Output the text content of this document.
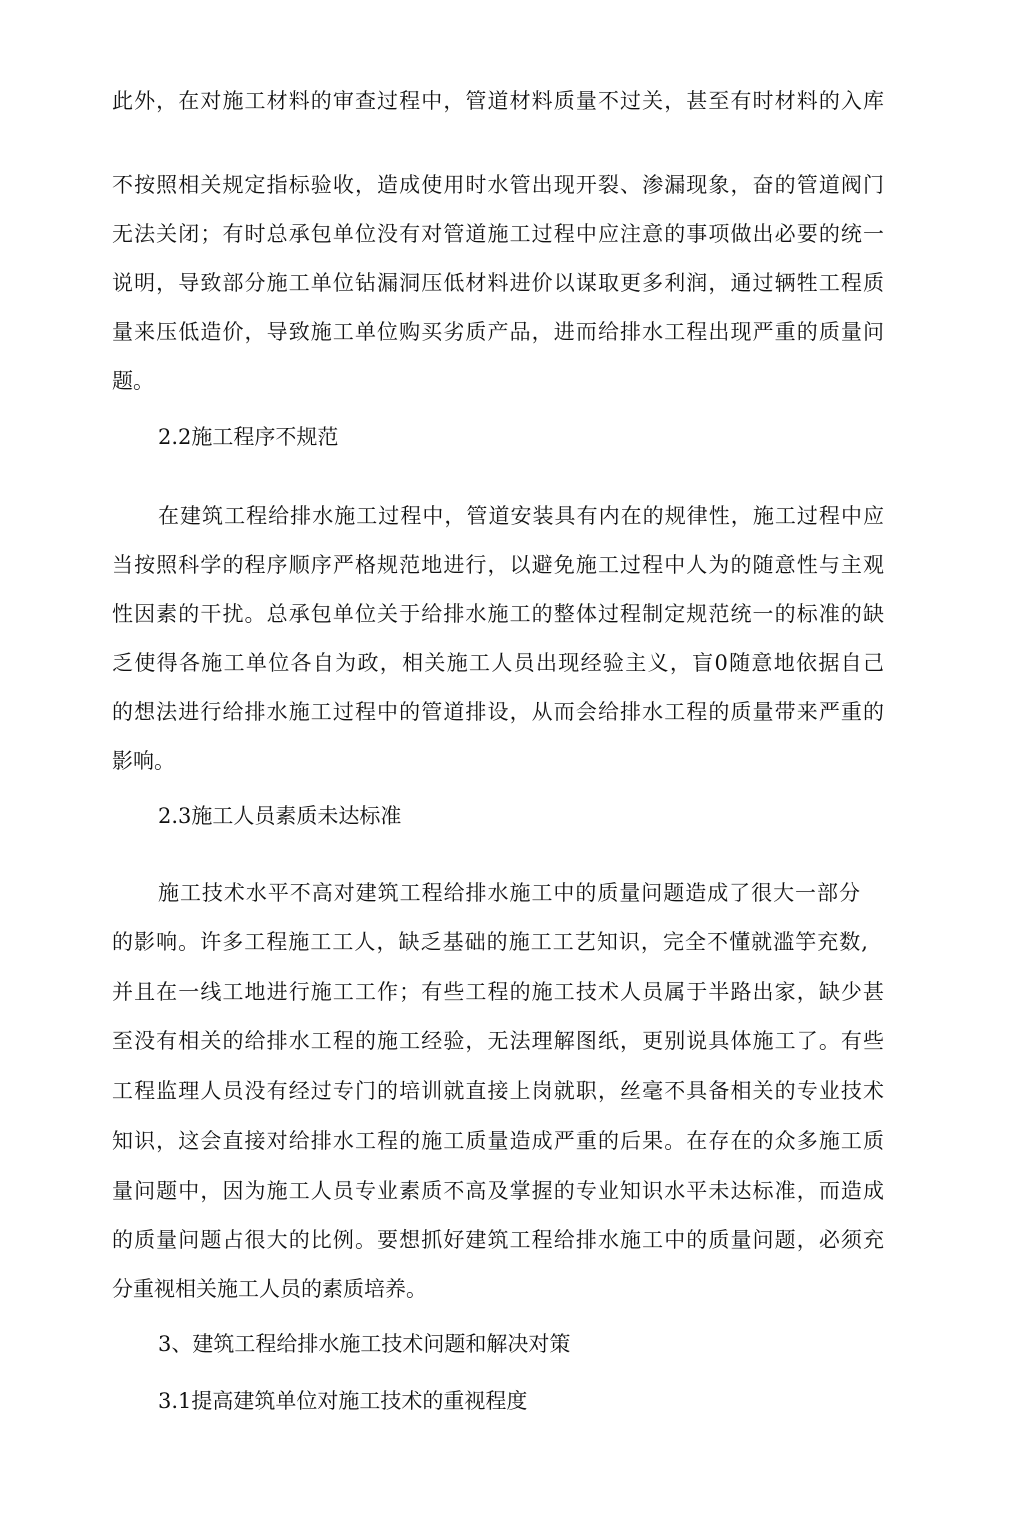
此外，在对施工材料的审查过程中，管道材料质量不过关，甚至有时材料的入库
不按照相关规定指标验收，造成使用时水管出现开裂、渗漏现象，奋的管道阀门
无法关闭；有时总承包单位没有对管道施工过程中应注意的事项做出必要的统一
说明，导致部分施工单位钻漏洞压低材料进价以谋取更多利润，通过辆牲工程质
量来压低造价，导致施工单位购买劣质产品，进而给排水工程出现严重的质量问
题。
2.2施工程序不规范
在建筑工程给排水施工过程中，管道安装具有内在的规律性，施工过程中应
当按照科学的程序顺序严格规范地进行，以避免施工过程中人为的随意性与主观
性因素的干扰。总承包单位关于给排水施工的整体过程制定规范统一的标准的缺
乏使得各施工单位各自为政，相关施工人员出现经验主义，盲0随意地依据自己
的想法进行给排水施工过程中的管道排设，从而会给排水工程的质量带来严重的
影响。
2.3施工人员素质未达标准
施工技术水平不高对建筑工程给排水施工中的质量问题造成了很大一部分
的影响。许多工程施工工人，缺乏基础的施工工艺知识，完全不懂就滥竽充数,
并且在一线工地进行施工工作；有些工程的施工技术人员属于半路出家，缺少甚
至没有相关的给排水工程的施工经验，无法理解图纸，更别说具体施工了。有些
工程监理人员没有经过专门的培训就直接上岗就职，丝毫不具备相关的专业技术
知识，这会直接对给排水工程的施工质量造成严重的后果。在存在的众多施工质
量问题中，因为施工人员专业素质不高及掌握的专业知识水平未达标准，而造成
的质量问题占很大的比例。要想抓好建筑工程给排水施工中的质量问题，必须充
分重视相关施工人员的素质培养。
3、建筑工程给排水施工技术问题和解决对策
3.1提高建筑单位对施工技术的重视程度
